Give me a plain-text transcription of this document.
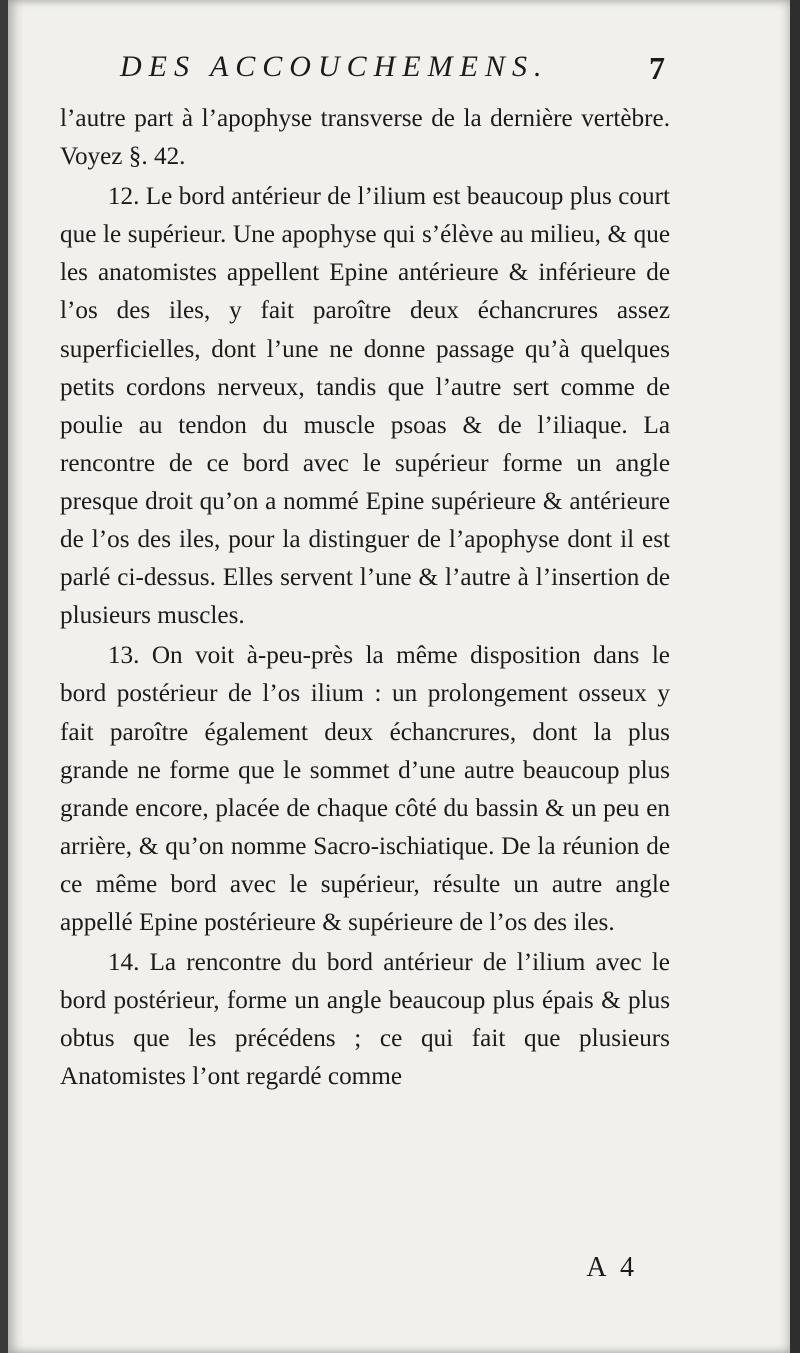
DES ACCOUCHEMENS.	7

l’autre part à l’apophyse transverse de la dernière vertèbre. Voyez §. 42.

12. Le bord antérieur de l’ilium est beaucoup plus court que le supérieur. Une apophyse qui s’élève au milieu, & que les anatomistes appellent Epine antérieure & inférieure de l’os des iles, y fait paroître deux échancrures assez superficielles, dont l’une ne donne passage qu’à quelques petits cordons nerveux, tandis que l’autre sert comme de poulie au tendon du muscle psoas & de l’iliaque. La rencontre de ce bord avec le supérieur forme un angle presque droit qu’on a nommé Epine supérieure & antérieure de l’os des iles, pour la distinguer de l’apophyse dont il est parlé ci-dessus. Elles servent l’une & l’autre à l’insertion de plusieurs muscles.

13. On voit à-peu-près la même disposition dans le bord postérieur de l’os ilium : un prolongement osseux y fait paroître également deux échancrures, dont la plus grande ne forme que le sommet d’une autre beaucoup plus grande encore, placée de chaque côté du bassin & un peu en arrière, & qu’on nomme Sacro-ischiatique. De la réunion de ce même bord avec le supérieur, résulte un autre angle appellé Epine postérieure & supérieure de l’os des iles.

14. La rencontre du bord antérieur de l’ilium avec le bord postérieur, forme un angle beaucoup plus épais & plus obtus que les précédens ; ce qui fait que plusieurs Anatomistes l’ont regardé comme

A 4
